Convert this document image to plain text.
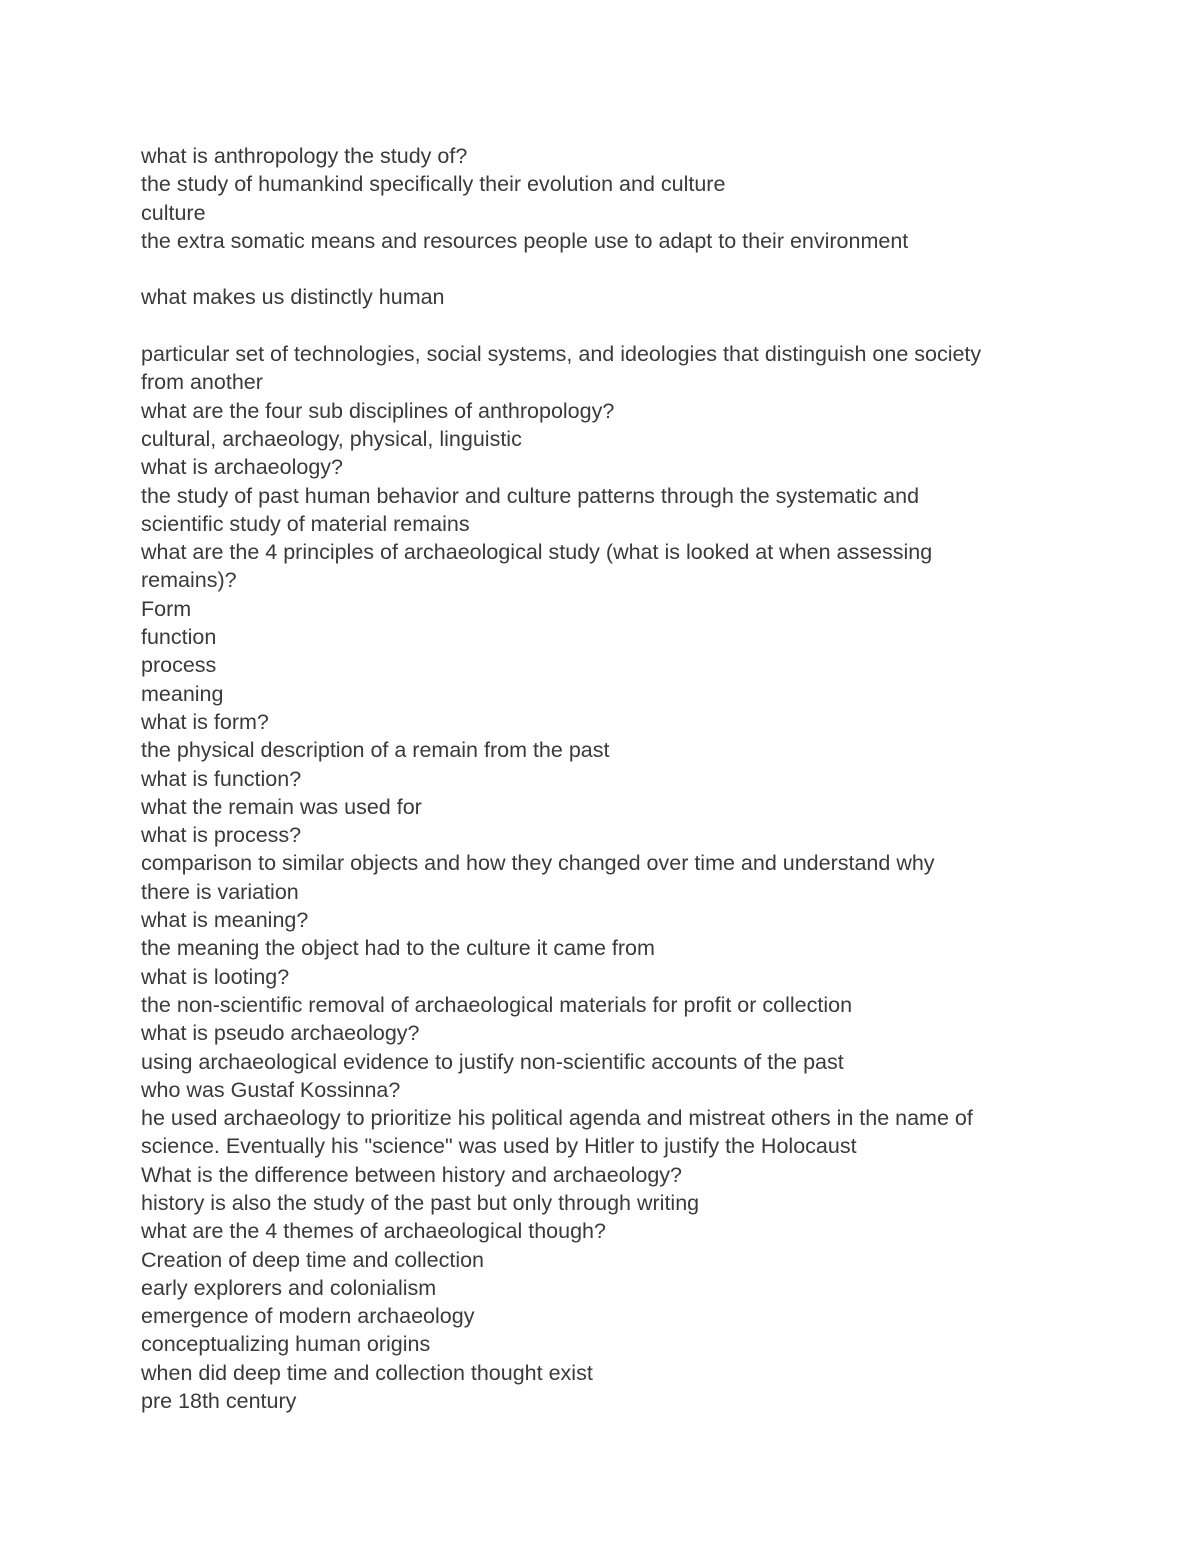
what is anthropology the study of?
the study of humankind specifically their evolution and culture
culture
the extra somatic means and resources people use to adapt to their environment
what makes us distinctly human
particular set of technologies, social systems, and ideologies that distinguish one society
from another
what are the four sub disciplines of anthropology?
cultural, archaeology, physical, linguistic
what is archaeology?
the study of past human behavior and culture patterns through the systematic and
scientific study of material remains
what are the 4 principles of archaeological study (what is looked at when assessing
remains)?
Form
function
process
meaning
what is form?
the physical description of a remain from the past
what is function?
what the remain was used for
what is process?
comparison to similar objects and how they changed over time and understand why
there is variation
what is meaning?
the meaning the object had to the culture it came from
what is looting?
the non-scientific removal of archaeological materials for profit or collection
what is pseudo archaeology?
using archaeological evidence to justify non-scientific accounts of the past
who was Gustaf Kossinna?
he used archaeology to prioritize his political agenda and mistreat others in the name of
science. Eventually his "science" was used by Hitler to justify the Holocaust
What is the difference between history and archaeology?
history is also the study of the past but only through writing
what are the 4 themes of archaeological though?
Creation of deep time and collection
early explorers and colonialism
emergence of modern archaeology
conceptualizing human origins
when did deep time and collection thought exist
pre 18th century
